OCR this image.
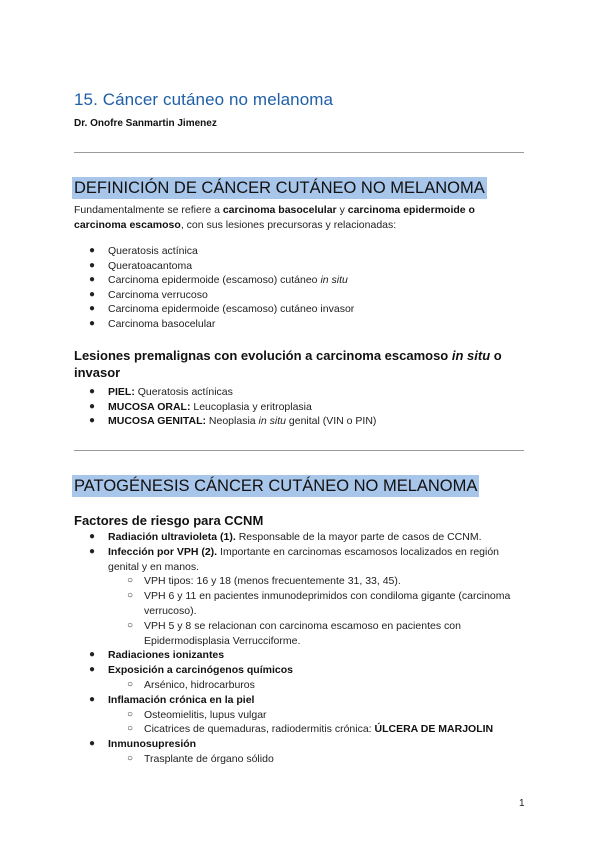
15. Cáncer cutáneo no melanoma
Dr. Onofre Sanmartin Jimenez
DEFINICIÓN DE CÁNCER CUTÁNEO NO MELANOMA
Fundamentalmente se refiere a carcinoma basocelular y carcinoma epidermoide o carcinoma escamoso, con sus lesiones precursoras y relacionadas:
● Queratosis actínica
● Queratoacantoma
● Carcinoma epidermoide (escamoso) cutáneo in situ
● Carcinoma verrucoso
● Carcinoma epidermoide (escamoso) cutáneo invasor
● Carcinoma basocelular
Lesiones premalignas con evolución a carcinoma escamoso in situ o invasor
● PIEL: Queratosis actínicas
● MUCOSA ORAL: Leucoplasia y eritroplasia
● MUCOSA GENITAL: Neoplasia in situ genital (VIN o PIN)
PATOGÉNESIS CÁNCER CUTÁNEO NO MELANOMA
Factores de riesgo para CCNM
● Radiación ultravioleta (1). Responsable de la mayor parte de casos de CCNM.
● Infección por VPH (2). Importante en carcinomas escamosos localizados en región genital y en manos.
○ VPH tipos: 16 y 18 (menos frecuentemente 31, 33, 45).
○ VPH 6 y 11 en pacientes inmunodeprimidos con condiloma gigante (carcinoma verrucoso).
○ VPH 5 y 8 se relacionan con carcinoma escamoso en pacientes con Epidermodisplasia Verrucciforme.
● Radiaciones ionizantes
● Exposición a carcinógenos químicos
○ Arsénico, hidrocarburos
● Inflamación crónica en la piel
○ Osteomielitis, lupus vulgar
○ Cicatrices de quemaduras, radiodermitis crónica: ÚLCERA DE MARJOLIN
● Inmunosupresión
○ Trasplante de órgano sólido
1
